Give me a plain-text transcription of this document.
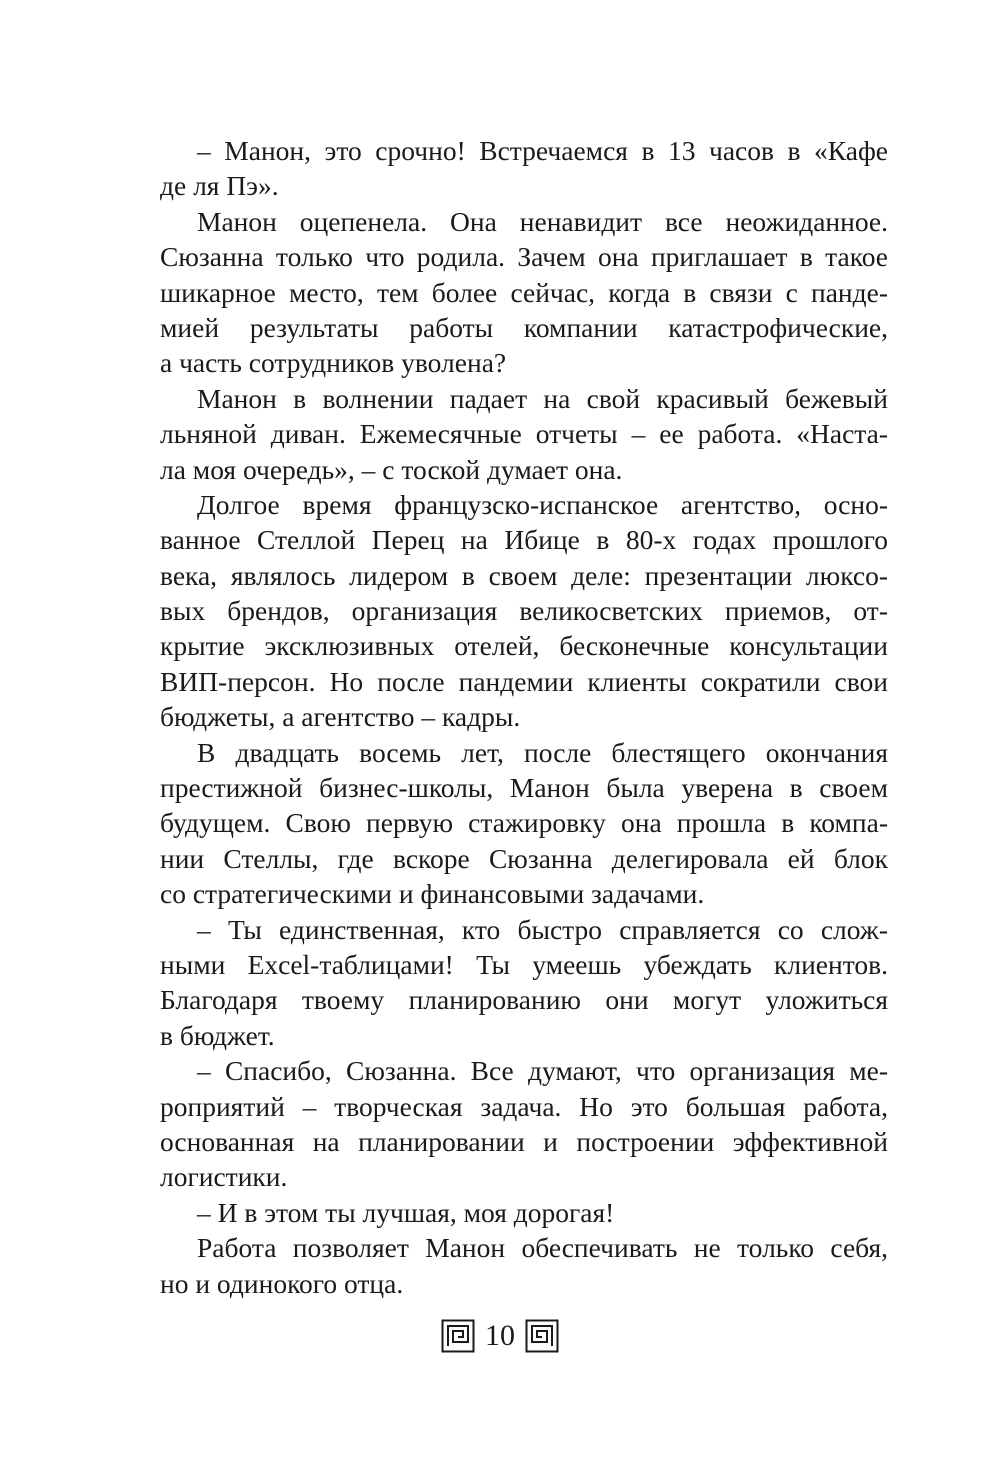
– Манон, это срочно! Встречаемся в 13 часов в «Кафе
де ля Пэ».
Манон оцепенела. Она ненавидит все неожиданное.
Сюзанна только что родила. Зачем она приглашает в такое
шикарное место, тем более сейчас, когда в связи с панде-
мией результаты работы компании катастрофические,
а часть сотрудников уволена?
Манон в волнении падает на свой красивый бежевый
льняной диван. Ежемесячные отчеты – ее работа. «Наста-
ла моя очередь», – с тоской думает она.
Долгое время французско-испанское агентство, осно-
ванное Стеллой Перец на Ибице в 80-х годах прошлого
века, являлось лидером в своем деле: презентации люксо-
вых брендов, организация великосветских приемов, от-
крытие эксклюзивных отелей, бесконечные консультации
ВИП-персон. Но после пандемии клиенты сократили свои
бюджеты, а агентство – кадры.
В двадцать восемь лет, после блестящего окончания
престижной бизнес-школы, Манон была уверена в своем
будущем. Свою первую стажировку она прошла в компа-
нии Стеллы, где вскоре Сюзанна делегировала ей блок
со стратегическими и финансовыми задачами.
– Ты единственная, кто быстро справляется со слож-
ными Excel-таблицами! Ты умеешь убеждать клиентов.
Благодаря твоему планированию они могут уложиться
в бюджет.
– Спасибо, Сюзанна. Все думают, что организация ме-
роприятий – творческая задача. Но это большая работа,
основанная на планировании и построении эффективной
логистики.
– И в этом ты лучшая, моя дорогая!
Работа позволяет Манон обеспечивать не только себя,
но и одинокого отца.
10
